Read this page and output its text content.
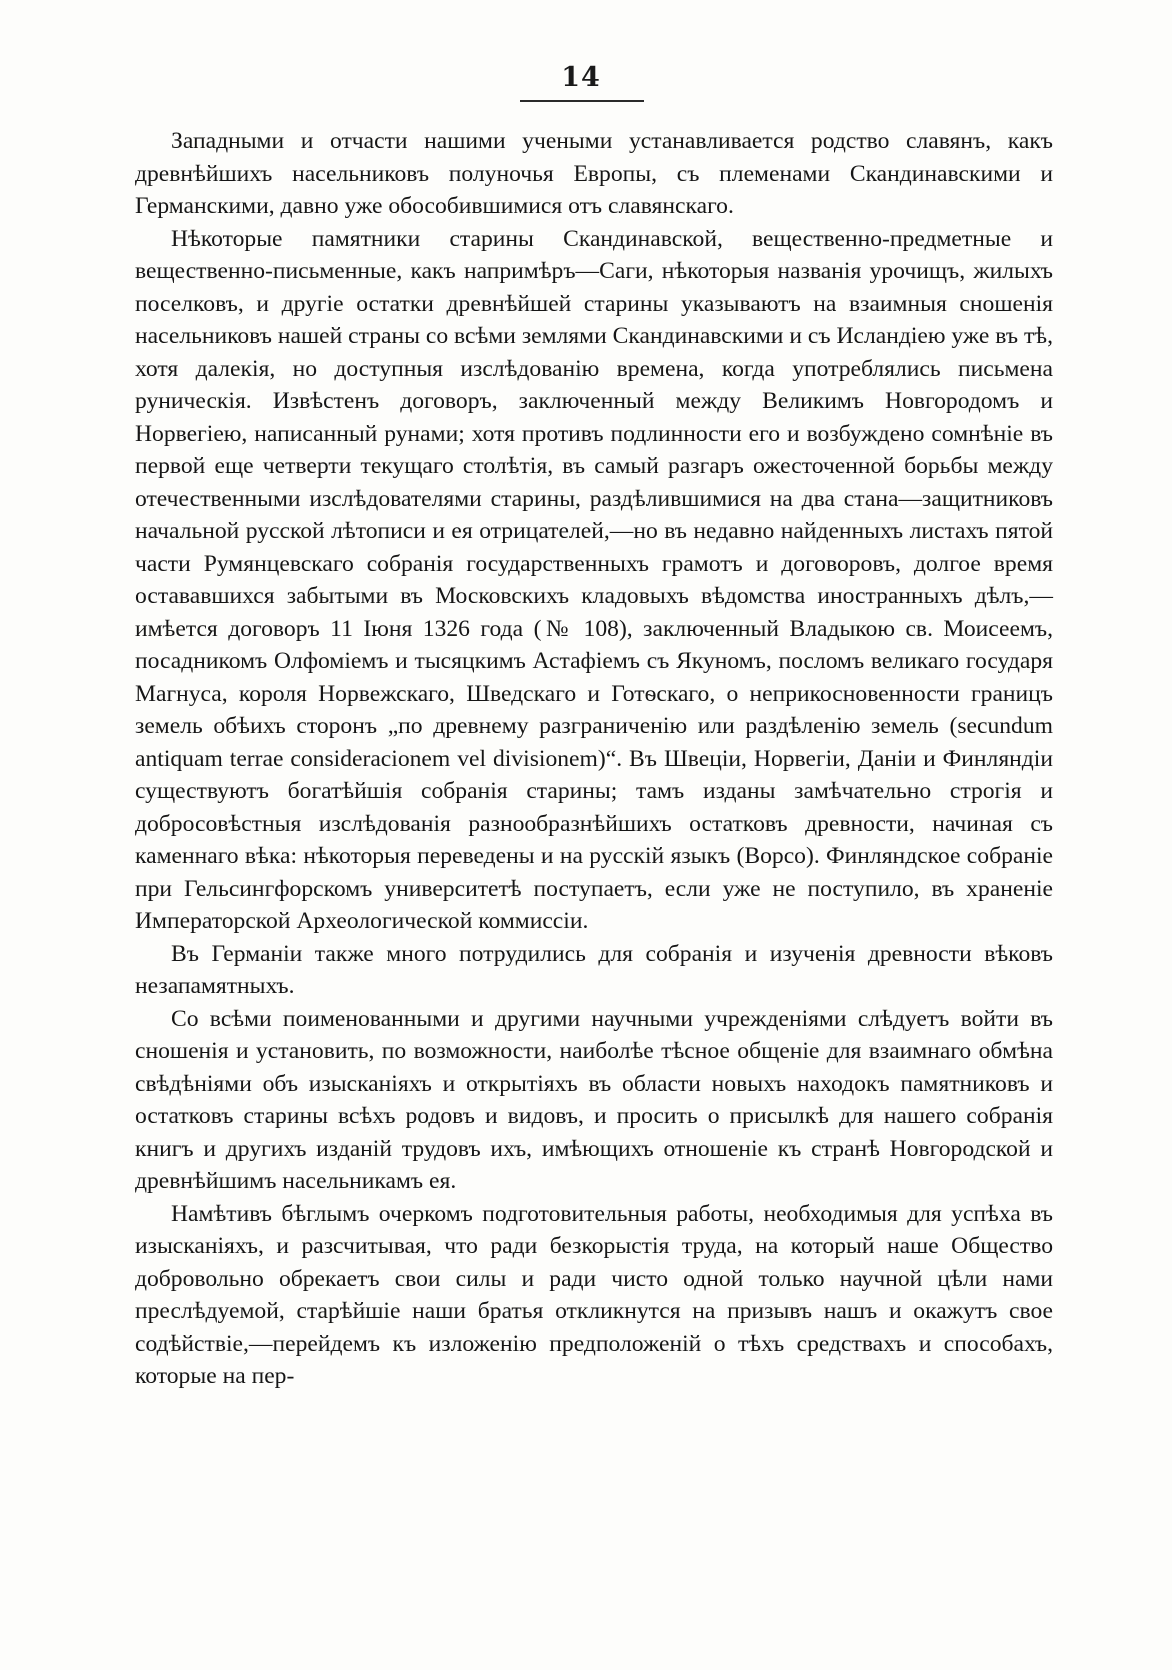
14

Западными и отчасти нашими учеными устанавливается родство славянъ, какъ древнѣйшихъ насельниковъ полуночья Европы, съ племенами Скандинавскими и Германскими, давно уже обособившимися отъ славянскаго.

Нѣкоторые памятники старины Скандинавской, вещественно-предметные и вещественно-письменные, какъ напримѣръ—Саги, нѣкоторыя названія урочищъ, жилыхъ поселковъ, и другіе остатки древнѣйшей старины указываютъ на взаимныя сношенія насельниковъ нашей страны со всѣми землями Скандинавскими и съ Исландіею уже въ тѣ, хотя далекія, но доступныя изслѣдованію времена, когда употреблялись письмена руническія. Извѣстенъ договоръ, заключенный между Великимъ Новгородомъ и Норвегіею, написанный рунами; хотя противъ подлинности его и возбуждено сомнѣніе въ первой еще четверти текущаго столѣтія, въ самый разгаръ ожесточенной борьбы между отечественными изслѣдователями старины, раздѣлившимися на два стана—защитниковъ начальной русской лѣтописи и ея отрицателей,—но въ недавно найденныхъ листахъ пятой части Румянцевскаго собранія государственныхъ грамотъ и договоровъ, долгое время остававшихся забытыми въ Московскихъ кладовыхъ вѣдомства иностранныхъ дѣлъ,—имѣется договоръ 11 Іюня 1326 года (№ 108), заключенный Владыкою св. Моисеемъ, посадникомъ Олфоміемъ и тысяцкимъ Астафіемъ съ Якуномъ, посломъ великаго государя Магнуса, короля Норвежскаго, Шведскаго и Готѳскаго, о неприкосновенности границъ земель обѣихъ сторонъ „по древнему разграниченію или раздѣленію земель (secundum antiquam terrae consideracionem vel divisionem)“. Въ Швеціи, Норвегіи, Даніи и Финляндіи существуютъ богатѣйшія собранія старины; тамъ изданы замѣчательно строгія и добросовѣстныя изслѣдованія разнообразнѣйшихъ остатковъ древности, начиная съ каменнаго вѣка: нѣкоторыя переведены и на русскій языкъ (Ворсо). Финляндское собраніе при Гельсингфорскомъ университетѣ поступаетъ, если уже не поступило, въ храненіе Императорской Археологической коммиссіи.

Въ Германіи также много потрудились для собранія и изученія древности вѣковъ незапамятныхъ.

Со всѣми поименованными и другими научными учрежденіями слѣдуетъ войти въ сношенія и установить, по возможности, наиболѣе тѣсное общеніе для взаимнаго обмѣна свѣдѣніями объ изысканіяхъ и открытіяхъ въ области новыхъ находокъ памятниковъ и остатковъ старины всѣхъ родовъ и видовъ, и просить о присылкѣ для нашего собранія книгъ и другихъ изданій трудовъ ихъ, имѣющихъ отношеніе къ странѣ Новгородской и древнѣйшимъ насельникамъ ея.

Намѣтивъ бѣглымъ очеркомъ подготовительныя работы, необходимыя для успѣха въ изысканіяхъ, и разсчитывая, что ради безкорыстія труда, на который наше Общество добровольно обрекаетъ свои силы и ради чисто одной только научной цѣли нами преслѣдуемой, старѣйшіе наши братья откликнутся на призывъ нашъ и окажутъ свое содѣйствіе,—перейдемъ къ изложенію предположеній о тѣхъ средствахъ и способахъ, которые на пер-
